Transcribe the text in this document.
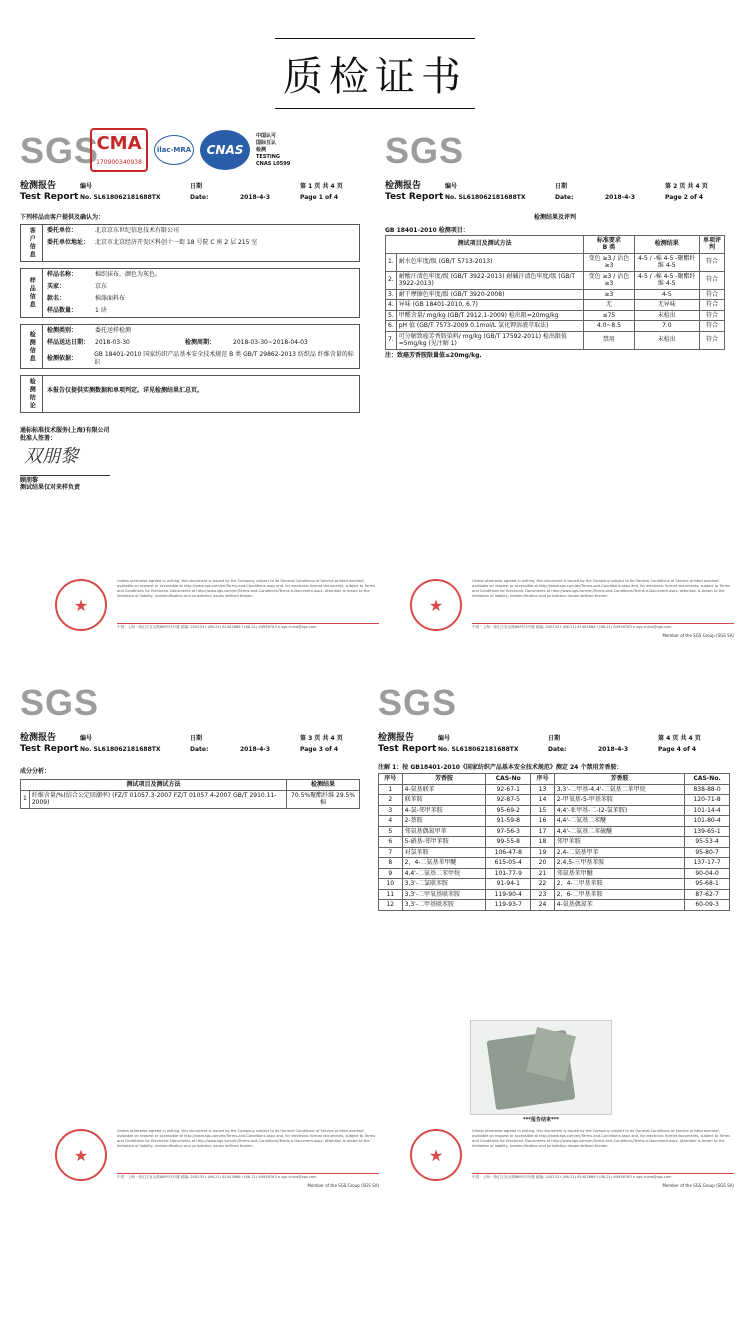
质检证书
SGS
CMA
170900340938
ilac-MRA	CNAS
中国认可
国际互认
检测
TESTING
CNAS L0599
检测报告	编号	日期	第 1 页 共 4 页
Test Report No. SL618062181688TX	Date:	2018-4-3	Page 1 of 4
下列样品由客户提供及确认为：
客户信息	委托单位：	北京京东世纪信息技术有限公司
委托单位地址： 北京市北京经济开发区科创十一街 18 号院 C 座 2 层 215 室
样品信息
样品名称：	棉织抹布，颜色为灰色。
买家：	京东
款名：	棉涤面料布
样品数量：	1 块
检测信息	检测类别：	委托送样检测
样品送达日期： 2018-03-30	检测周期：	2018-03-30~2018-04-03
检测依据：
GB 18401-2010 国家纺织产品基本安全技术规范 B 类 GB/T 29862-2013 纺织品 纤维含量的标识
检测结论	本报告仅提供实测数据和单项判定。详见检测结果汇总页。
通标标准技术服务(上海)有限公司
批准人签署：
双朋黎
顾朋黎
测试结果仅对来样负责
SGS
检测报告	编号	日期	第 2 页 共 4 页
Test Report No. SL618062181688TX	Date:	2018-4-3	Page 2 of 4
检测结果及评判
GB 18401-2010 检测项目：
测试项目及测试方法		标准要求
B 类	检测结果	单项评判
1.	耐水色牢度/级 (GB/T 5713-2013)	变色 ≥3 / 沾色 ≥3	4-5 / -棉 4-5 -聚酯纤维 4-5	符合
2.	耐酸汗渍色牢度/级 (GB/T 3922-2013) 耐碱汗渍色牢度/级 (GB/T 3922-2013)	变色 ≥3 / 沾色 ≥3	4-5 / -棉 4-5 -聚酯纤维 4-5	符合
3.	耐干摩擦色牢度/级 (GB/T 3920-2008)	≥3	4-5	符合
4.	异味 (GB 18401-2010, 6.7)	无	无异味	符合
5.	甲醛含量/ mg/kg (GB/T 2912.1-2009) 检出限=20mg/kg	≤75	未检出	符合
6.	pH 值 (GB/T 7573-2009 0.1mol/L 氯化钾溶液萃取法)	4.0~8.5	7.0	符合
7.	可分解致癌芳香胺染料/ mg/kg (GB/T 17592-2011) 检出限值=5mg/kg (见注解 1)	禁用	未检出	符合
注：致癌芳香胺限量值≤20mg/kg.
SGS
检测报告	编号	日期	第 3 页 共 4 页
Test Report No. SL618062181688TX	Date:	2018-4-3	Page 3 of 4
成分分析：
测试项目及测试方法		检测结果
1	纤维含量/%(结合公定回潮率) (FZ/T 01057.3-2007 FZ/T 01057.4-2007 GB/T 2910.11-2009)	70.5%聚酯纤维 29.5%棉
SGS
检测报告	编号	日期	第 4 页 共 4 页
Test Report No. SL618062181688TX	Date:	2018-4-3	Page 4 of 4
注解 1：按 GB18401-2010《国家纺织产品基本安全技术规范》测定 24 个禁用芳香胺：
序号	芳香胺	CAS-No	序号	芳香胺	CAS-No.
1	4-氨基联苯	92-67-1	13	3,3'-二甲基-4,4'-二氨基二苯甲烷	838-88-0
2	联苯胺	92-87-5	14	2-甲氧基-5-甲基苯胺	120-71-8
3	4-氯-邻甲苯胺	95-69-2	15	4,4'-亚甲基-二-(2-氯苯胺)	101-14-4
4	2-萘胺	91-59-8	16	4,4'-二氨基二苯醚	101-80-4
5	邻氨基偶氮甲苯	97-56-3	17	4,4'-二氨基二苯硫醚	139-65-1
6	5-硝基-邻甲苯胺	99-55-8	18	邻甲苯胺	95-53-4
7	对氯苯胺	106-47-8	19	2,4-二氨基甲苯	95-80-7
8	2，4-二氨基苯甲醚	615-05-4	20	2,4,5-三甲基苯胺	137-17-7
9	4,4'-二氨基二苯甲烷	101-77-9	21	邻氨基苯甲醚	90-04-0
10	3,3'-二氯联苯胺	91-94-1	22	2，4-二甲基苯胺	95-68-1
11	3,3'-二甲氧基联苯胺	119-90-4	23	2，6-二甲基苯胺	87-62-7
12	3,3'-二甲基联苯胺	119-93-7	24	4-氨基偶氮苯	60-09-3
***报告结束***
★
Unless otherwise agreed in writing, this document is issued by the Company subject to its General Conditions of Service printed overleaf, available on request or accessible at http://www.sgs.com/en/Terms-and-Conditions.aspx and, for electronic format documents, subject to Terms and Conditions for Electronic Documents at http://www.sgs.com/en/Terms-and-Conditions/Terms-e-Document.aspx. Attention is drawn to the limitation of liability, indemnification and jurisdiction issues defined therein.
中国 · 上海 · 徐汇区宜山路889号3号楼 邮编: 200233 t (86-21) 61402666 f (86-21) 64958763 e sgs.china@sgs.com
★
Unless otherwise agreed in writing, this document is issued by the Company subject to its General Conditions of Service printed overleaf, available on request or accessible at http://www.sgs.com/en/Terms-and-Conditions.aspx and, for electronic format documents, subject to Terms and Conditions for Electronic Documents at http://www.sgs.com/en/Terms-and-Conditions/Terms-e-Document.aspx. Attention is drawn to the limitation of liability, indemnification and jurisdiction issues defined therein.
中国 · 上海 · 徐汇区宜山路889号3号楼 邮编: 200233 t (86-21) 61402666 f (86-21) 64958763 e sgs.china@sgs.com
Member of the SGS Group (SGS SA)
★
Unless otherwise agreed in writing, this document is issued by the Company subject to its General Conditions of Service printed overleaf, available on request or accessible at http://www.sgs.com/en/Terms-and-Conditions.aspx and, for electronic format documents, subject to Terms and Conditions for Electronic Documents at http://www.sgs.com/en/Terms-and-Conditions/Terms-e-Document.aspx. Attention is drawn to the limitation of liability, indemnification and jurisdiction issues defined therein.
中国 · 上海 · 徐汇区宜山路889号3号楼 邮编: 200233 t (86-21) 61402666 f (86-21) 64958763 e sgs.china@sgs.com
Member of the SGS Group (SGS SA)
★
Unless otherwise agreed in writing, this document is issued by the Company subject to its General Conditions of Service printed overleaf, available on request or accessible at http://www.sgs.com/en/Terms-and-Conditions.aspx and, for electronic format documents, subject to Terms and Conditions for Electronic Documents at http://www.sgs.com/en/Terms-and-Conditions/Terms-e-Document.aspx. Attention is drawn to the limitation of liability, indemnification and jurisdiction issues defined therein.
中国 · 上海 · 徐汇区宜山路889号3号楼 邮编: 200233 t (86-21) 61402666 f (86-21) 64958763 e sgs.china@sgs.com
Member of the SGS Group (SGS SA)
